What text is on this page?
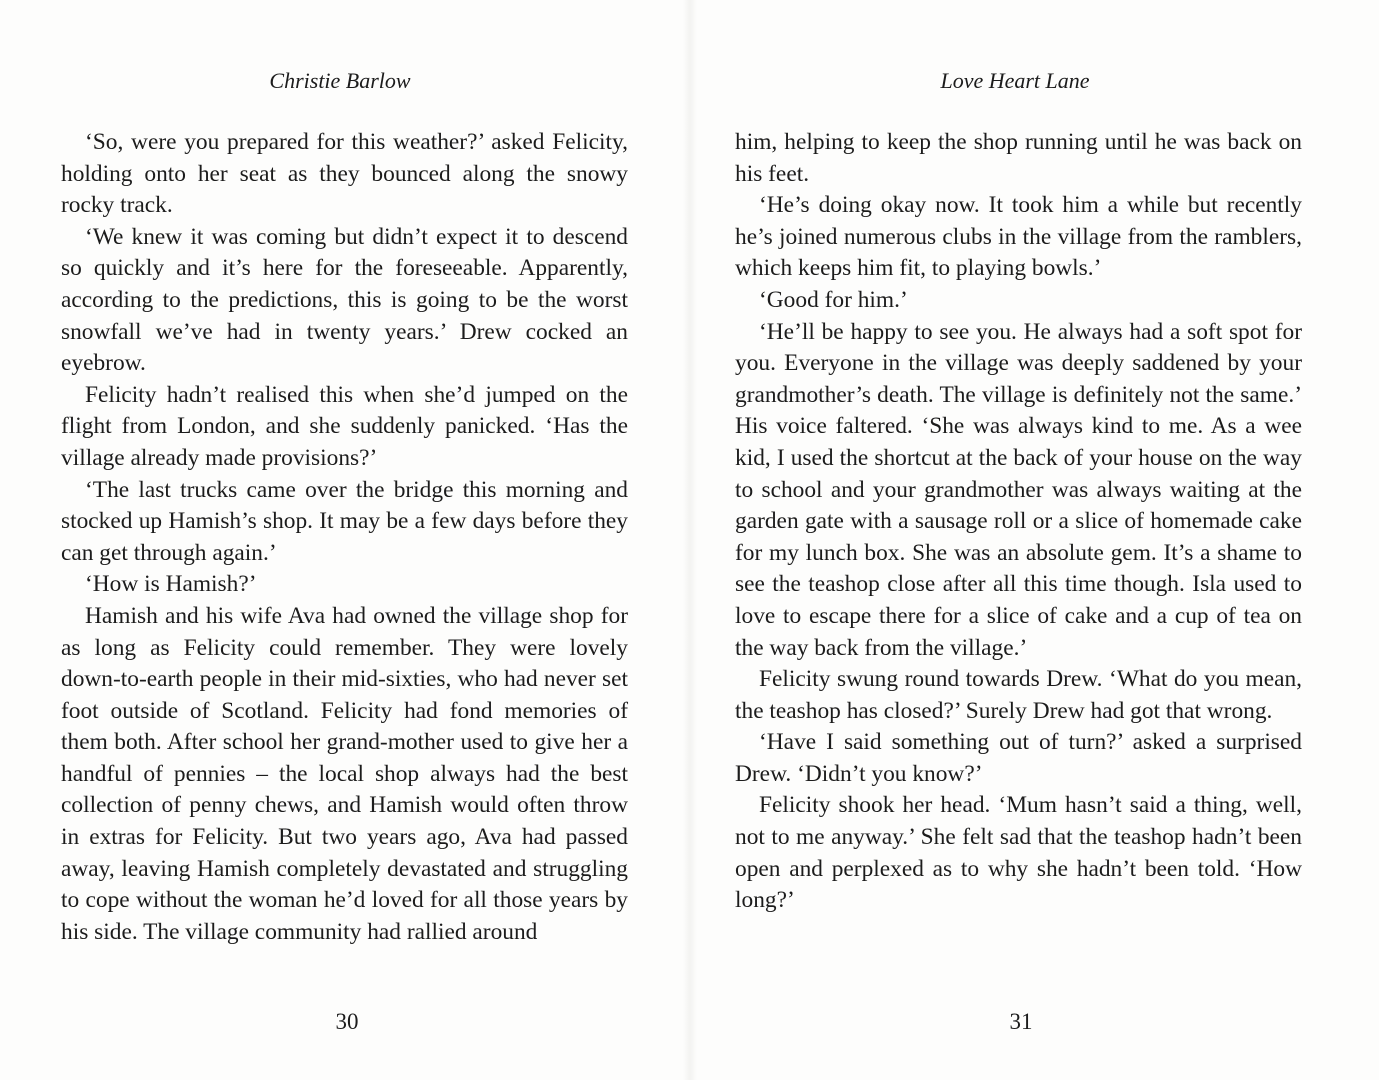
Christie Barlow

‘So, were you prepared for this weather?’ asked Felicity, holding onto her seat as they bounced along the snowy rocky track.

‘We knew it was coming but didn’t expect it to descend so quickly and it’s here for the foreseeable. Apparently, according to the predictions, this is going to be the worst snowfall we’ve had in twenty years.’ Drew cocked an eyebrow.

Felicity hadn’t realised this when she’d jumped on the flight from London, and she suddenly panicked. ‘Has the village already made provisions?’

‘The last trucks came over the bridge this morning and stocked up Hamish’s shop. It may be a few days before they can get through again.’

‘How is Hamish?’

Hamish and his wife Ava had owned the village shop for as long as Felicity could remember. They were lovely down-to-earth people in their mid-sixties, who had never set foot outside of Scotland. Felicity had fond memories of them both. After school her grand-mother used to give her a handful of pennies – the local shop always had the best collection of penny chews, and Hamish would often throw in extras for Felicity. But two years ago, Ava had passed away, leaving Hamish completely devastated and struggling to cope without the woman he’d loved for all those years by his side. The village community had rallied around

30
Love Heart Lane

him, helping to keep the shop running until he was back on his feet.

‘He’s doing okay now. It took him a while but recently he’s joined numerous clubs in the village from the ramblers, which keeps him fit, to playing bowls.’

‘Good for him.’

‘He’ll be happy to see you. He always had a soft spot for you. Everyone in the village was deeply saddened by your grandmother’s death. The village is definitely not the same.’ His voice faltered. ‘She was always kind to me. As a wee kid, I used the shortcut at the back of your house on the way to school and your grandmother was always waiting at the garden gate with a sausage roll or a slice of homemade cake for my lunch box. She was an absolute gem. It’s a shame to see the teashop close after all this time though. Isla used to love to escape there for a slice of cake and a cup of tea on the way back from the village.’

Felicity swung round towards Drew. ‘What do you mean, the teashop has closed?’ Surely Drew had got that wrong.

‘Have I said something out of turn?’ asked a surprised Drew. ‘Didn’t you know?’

Felicity shook her head. ‘Mum hasn’t said a thing, well, not to me anyway.’ She felt sad that the teashop hadn’t been open and perplexed as to why she hadn’t been told. ‘How long?’

31
